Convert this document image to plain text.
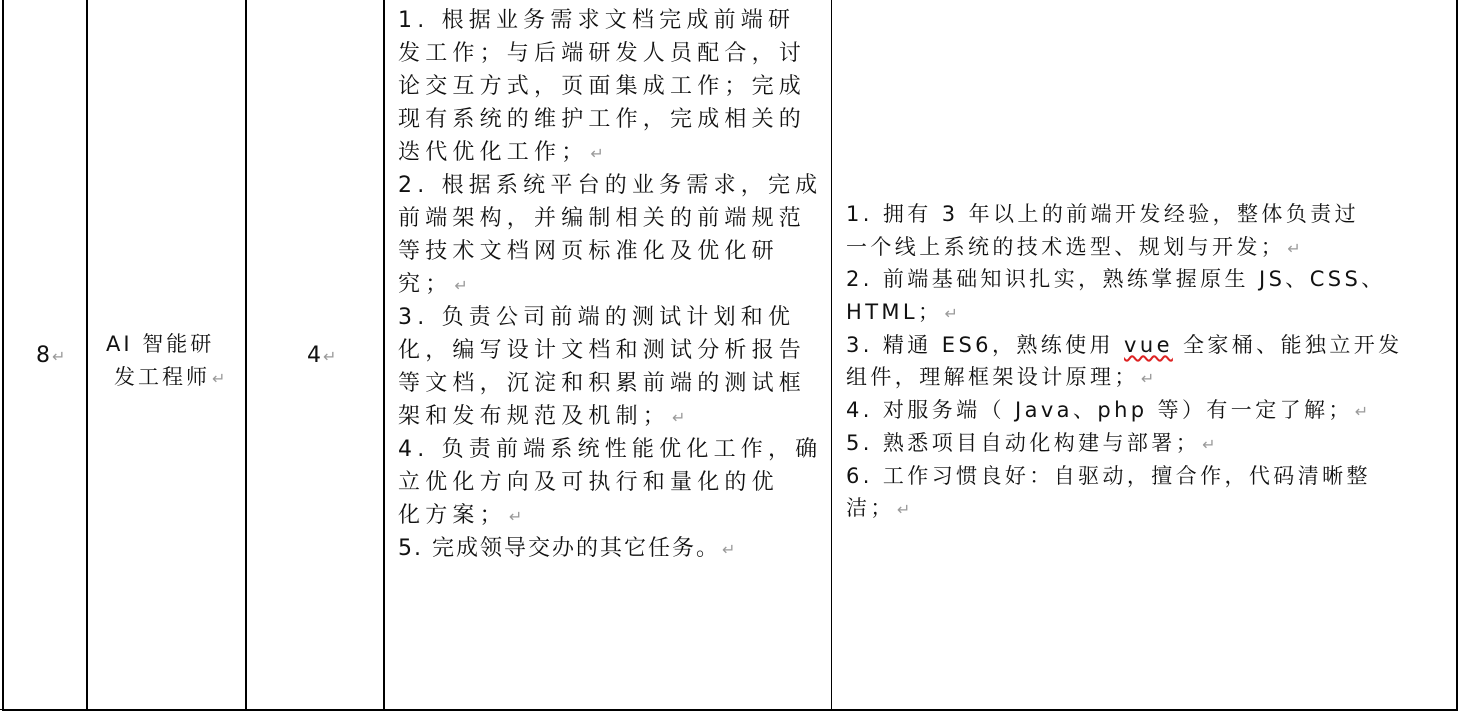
8 ↵
AI 智能研
发工程师 ↵
4 ↵
1. 根据业务需求文档完成前端研
发工作；与后端研发人员配合，讨
论交互方式，页面集成工作；完成
现有系统的维护工作，完成相关的
迭代优化工作； ↵
2. 根据系统平台的业务需求，完成
前端架构，并编制相关的前端规范
等技术文档网页标准化及优化研
究； ↵
3. 负责公司前端的测试计划和优
化，编写设计文档和测试分析报告
等文档，沉淀和积累前端的测试框
架和发布规范及机制； ↵
4. 负责前端系统性能优化工作，确
立优化方向及可执行和量化的优
化方案； ↵
5. 完成领导交办的其它任务。 ↵
1. 拥有 3 年以上的前端开发经验，整体负责过
一个线上系统的技术选型、规划与开发； ↵
2. 前端基础知识扎实，熟练掌握原生 JS、CSS、
HTML； ↵
3. 精通 ES6，熟练使用 vue 全家桶、能独立开发
组件，理解框架设计原理； ↵
4. 对服务端（ Java、php 等）有一定了解； ↵
5. 熟悉项目自动化构建与部署； ↵
6. 工作习惯良好：自驱动，擅合作，代码清晰整
洁； ↵
